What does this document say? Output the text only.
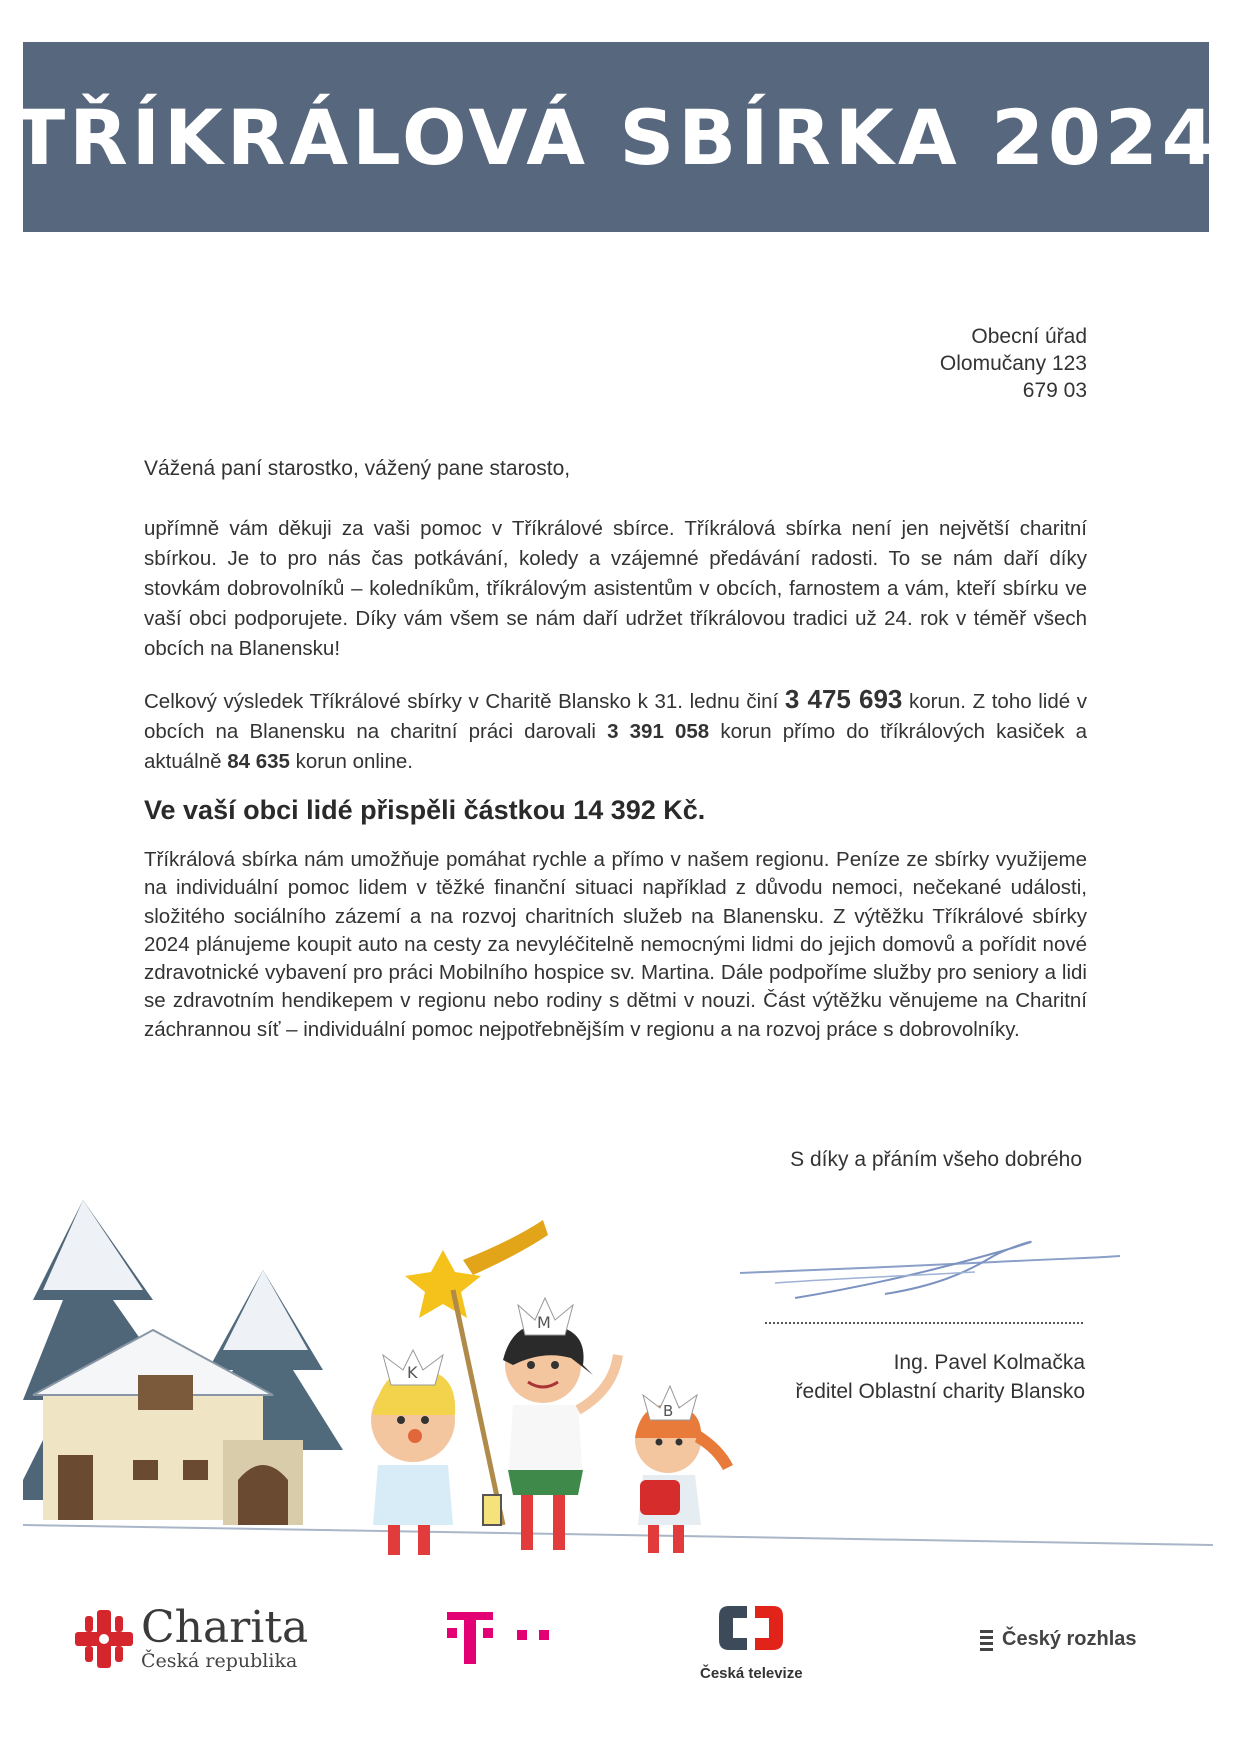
TŘÍKRÁLOVÁ SBÍRKA 2024
Obecní úřad
Olomučany 123
679 03
Vážená paní starostko, vážený pane starosto,
upřímně vám děkuji za vaši pomoc v Tříkrálové sbírce. Tříkrálová sbírka není jen největší charitní sbírkou. Je to pro nás čas potkávání, koledy a vzájemné předávání radosti. To se nám daří díky stovkám dobrovolníků – koledníkům, tříkrálovým asistentům v obcích, farnostem a vám, kteří sbírku ve vaší obci podporujete. Díky vám všem se nám daří udržet tříkrálovou tradici už 24. rok v téměř všech obcích na Blanensku!
Celkový výsledek Tříkrálové sbírky v Charitě Blansko k 31. lednu činí 3 475 693 korun. Z toho lidé v obcích na Blanensku na charitní práci darovali 3 391 058 korun přímo do tříkrálových kasiček a aktuálně 84 635 korun online.
Ve vaší obci lidé přispěli částkou 14 392 Kč.
Tříkrálová sbírka nám umožňuje pomáhat rychle a přímo v našem regionu. Peníze ze sbírky využijeme na individuální pomoc lidem v těžké finanční situaci například z důvodu nemoci, nečekané události, složitého sociálního zázemí a na rozvoj charitních služeb na Blanensku. Z výtěžku Tříkrálové sbírky 2024 plánujeme koupit auto na cesty za nevyléčitelně nemocnými lidmi do jejich domovů a pořídit nové zdravotnické vybavení pro práci Mobilního hospice sv. Martina. Dále podpoříme služby pro seniory a lidi se zdravotním hendikepem v regionu nebo rodiny s dětmi v nouzi. Část výtěžku věnujeme na Charitní záchrannou síť – individuální pomoc nejpotřebnějším v regionu a na rozvoj práce s dobrovolníky.
S díky a přáním všeho dobrého
Ing. Pavel Kolmačka
ředitel Oblastní charity Blansko
K
M
B
Charita
Česká republika
Česká televize
Český rozhlas
